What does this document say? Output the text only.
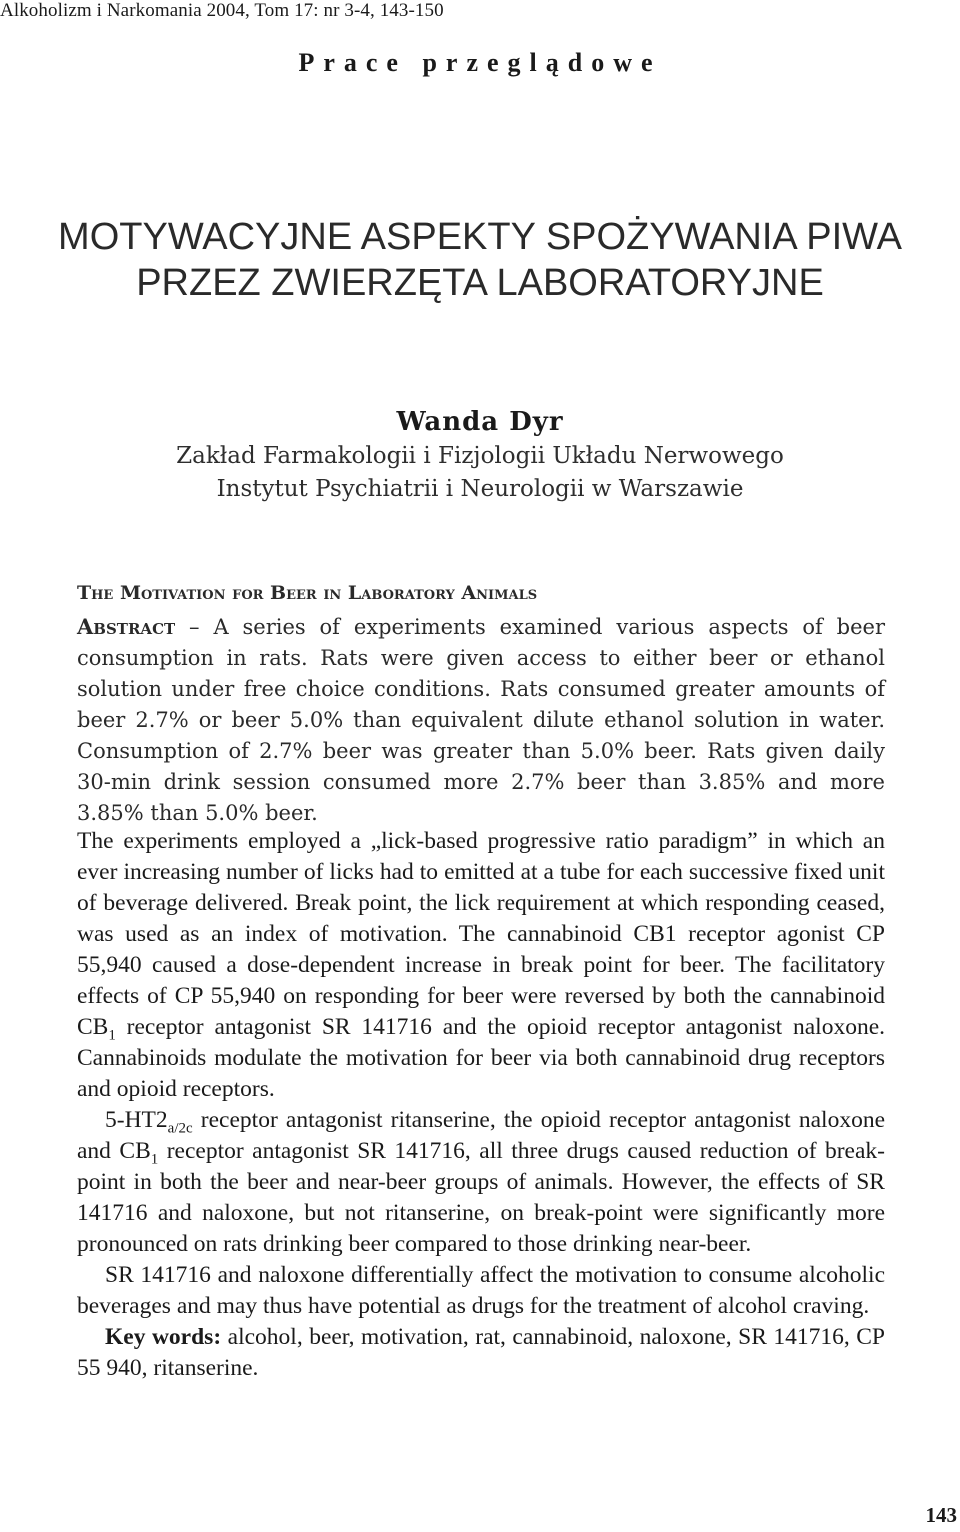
Alkoholizm i Narkomania 2004, Tom 17: nr 3-4, 143-150
Prace przeglądowe
MOTYWACYJNE ASPEKTY SPOŻYWANIA PIWA
PRZEZ ZWIERZĘTA LABORATORYJNE
Wanda Dyr
Zakład Farmakologii i Fizjologii Układu Nerwowego
Instytut Psychiatrii i Neurologii w Warszawie
The Motivation for Beer in Laboratory Animals
Abstract – A series of experiments examined various aspects of beer consumption in rats. Rats were given access to either beer or ethanol solution under free choice conditions. Rats consumed greater amounts of beer 2.7% or beer 5.0% than equivalent dilute ethanol solution in water. Consumption of 2.7% beer was greater than 5.0% beer. Rats given daily 30-min drink session consumed more 2.7% beer than 3.85% and more 3.85% than 5.0% beer.

The experiments employed a „lick-based progressive ratio paradigm” in which an ever increasing number of licks had to emitted at a tube for each successive fixed unit of beverage delivered. Break point, the lick requirement at which responding ceased, was used as an index of motivation. The cannabinoid CB1 receptor agonist CP 55,940 caused a dose-dependent increase in break point for beer. The facilitatory effects of CP 55,940 on responding for beer were reversed by both the cannabinoid $CB_1$ receptor antagonist SR 141716 and the opioid receptor antagonist naloxone. Cannabinoids modulate the motivation for beer via both cannabinoid drug receptors and opioid receptors.

$5-HT2_{a/2c}$ receptor antagonist ritanserine, the opioid receptor antagonist naloxone and $CB_1$ receptor antagonist SR 141716, all three drugs caused reduction of break-point in both the beer and near-beer groups of animals. However, the effects of SR 141716 and naloxone, but not ritanserine, on break-point were significantly more pronounced on rats drinking beer compared to those drinking near-beer.

SR 141716 and naloxone differentially affect the motivation to consume alcoholic beverages and may thus have potential as drugs for the treatment of alcohol craving.

Key words: alcohol, beer, motivation, rat, cannabinoid, naloxone, SR 141716, CP 55 940, ritanserine.

143
